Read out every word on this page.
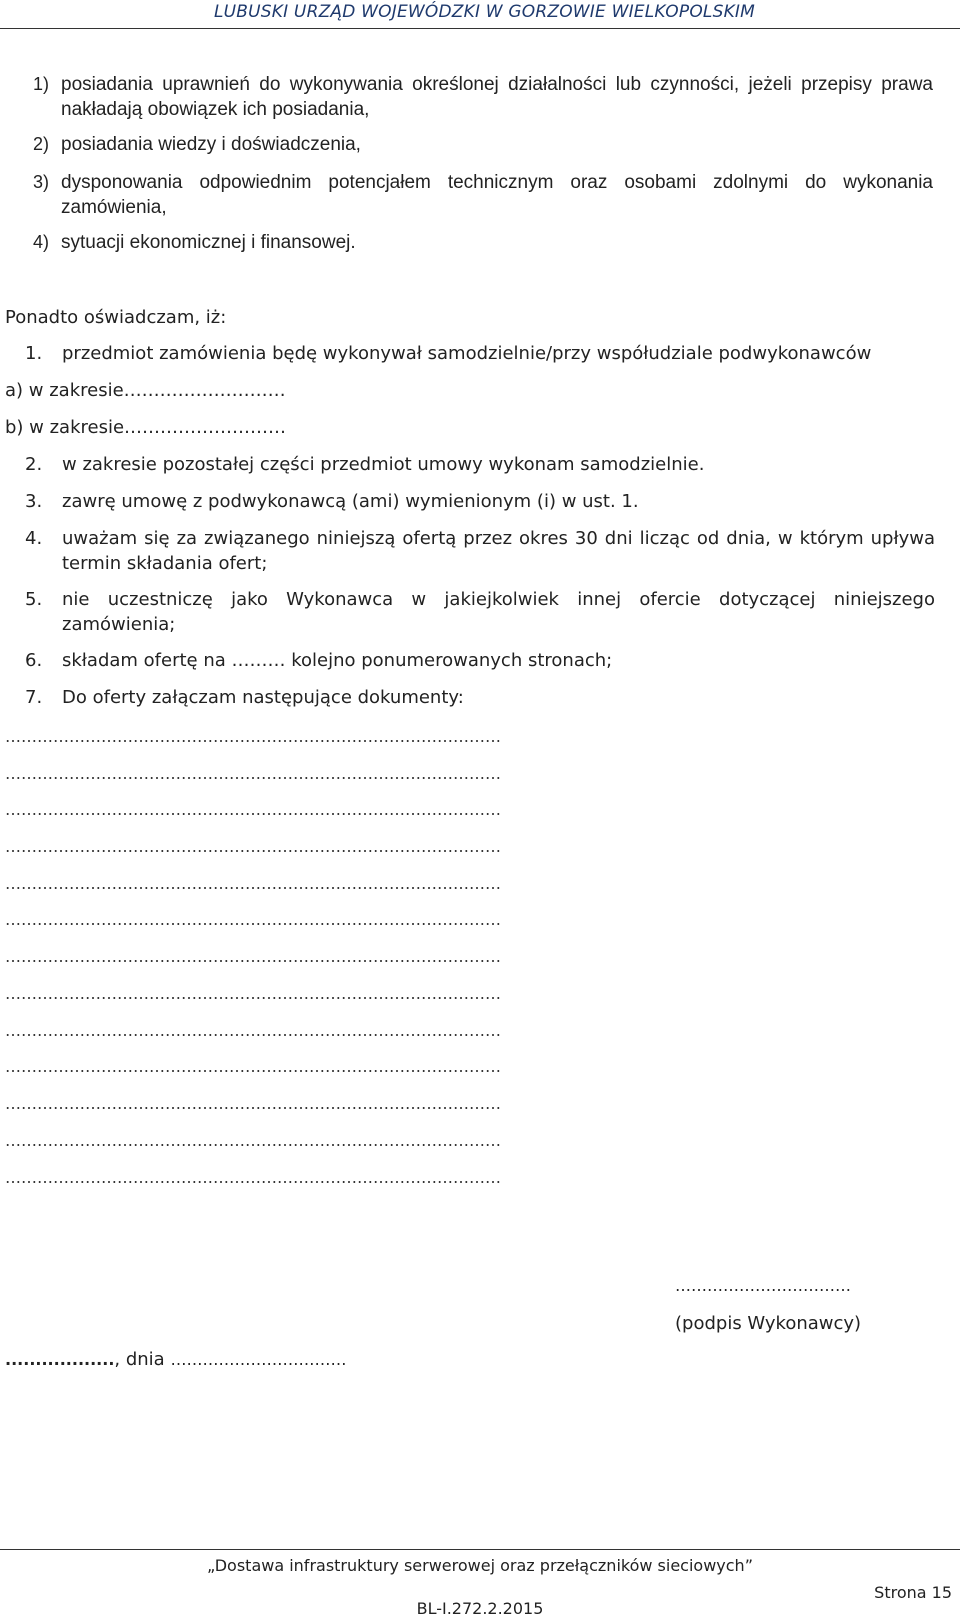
LUBUSKI URZĄD WOJEWÓDZKI W GORZOWIE WIELKOPOLSKIM
1) posiadania uprawnień do wykonywania określonej działalności lub czynności, jeżeli przepisy prawa nakładają obowiązek ich posiadania,
2) posiadania wiedzy i doświadczenia,
3) dysponowania odpowiednim potencjałem technicznym oraz osobami zdolnymi do wykonania zamówienia,
4) sytuacji ekonomicznej i finansowej.
Ponadto oświadczam, iż:
1. przedmiot zamówienia będę wykonywał samodzielnie/przy współudziale podwykonawców
a) w zakresie………………………
b) w zakresie………………………
2. w zakresie pozostałej części przedmiot umowy wykonam samodzielnie.
3. zawrę umowę z podwykonawcą (ami) wymienionym (i) w ust. 1.
4. uważam się za związanego niniejszą ofertą przez okres 30 dni licząc od dnia, w którym upływa termin składania ofert;
5. nie uczestniczę jako Wykonawca w jakiejkolwiek innej ofercie dotyczącej niniejszego zamówienia;
6. składam ofertę na ……… kolejno ponumerowanych stronach;
7. Do oferty załączam następujące dokumenty:
…………………………………………………………………………………
…………………………………………………………………………………
…………………………………………………………………………………
…………………………………………………………………………………
…………………………………………………………………………………
…………………………………………………………………………………
…………………………………………………………………………………
…………………………………………………………………………………
…………………………………………………………………………………
…………………………………………………………………………………
…………………………………………………………………………………
…………………………………………………………………………………
…………………………………………………………………………………
……………………………
(podpis Wykonawcy)
.................., dnia ……………………………
„Dostawa infrastruktury serwerowej oraz przełączników sieciowych”
Strona 15
BL-I.272.2.2015
